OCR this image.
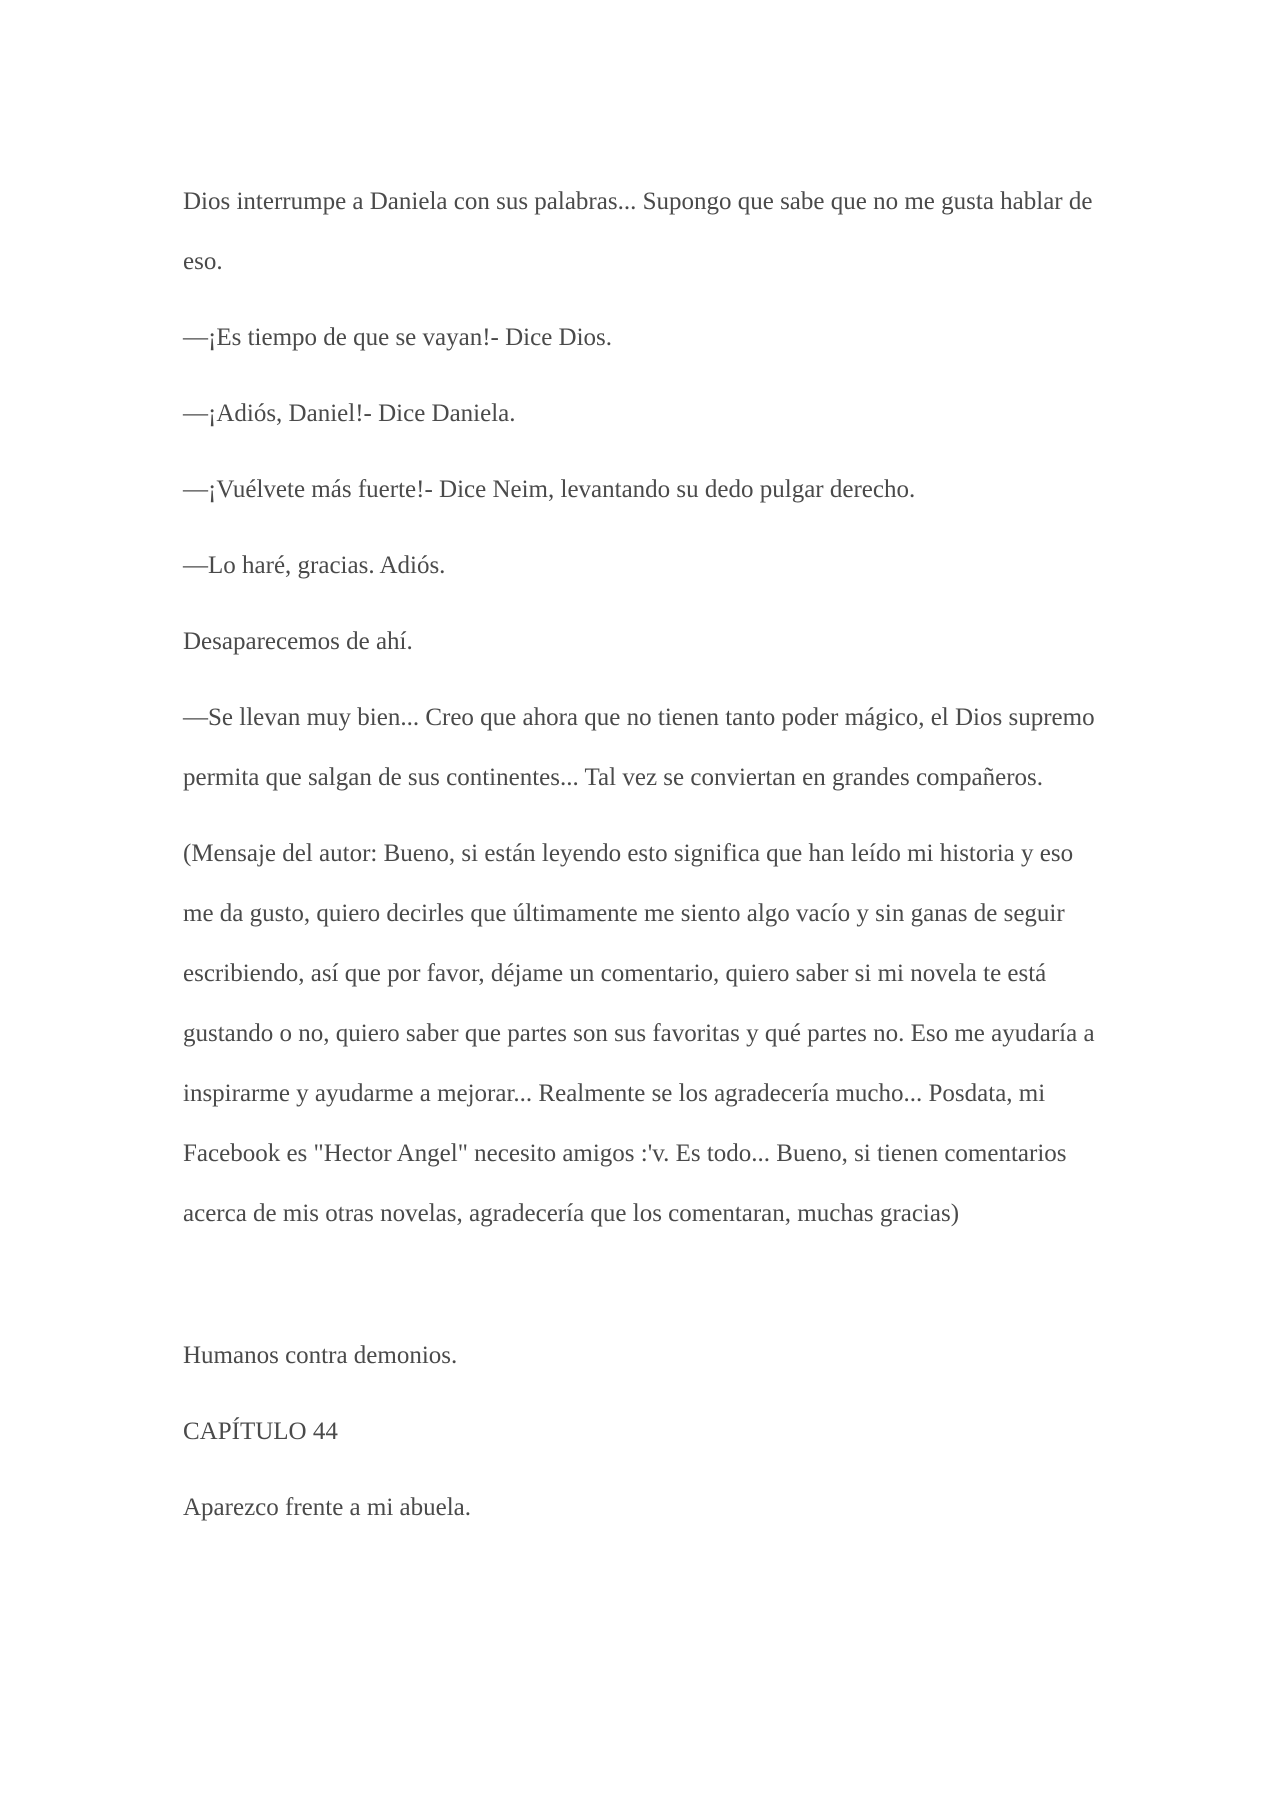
Dios interrumpe a Daniela con sus palabras... Supongo que sabe que no me gusta hablar de eso.

—¡Es tiempo de que se vayan!- Dice Dios.

—¡Adiós, Daniel!- Dice Daniela.

—¡Vuélvete más fuerte!- Dice Neim, levantando su dedo pulgar derecho.

—Lo haré, gracias. Adiós.

Desaparecemos de ahí.

—Se llevan muy bien... Creo que ahora que no tienen tanto poder mágico, el Dios supremo permita que salgan de sus continentes... Tal vez se conviertan en grandes compañeros.

(Mensaje del autor: Bueno, si están leyendo esto significa que han leído mi historia y eso me da gusto, quiero decirles que últimamente me siento algo vacío y sin ganas de seguir escribiendo, así que por favor, déjame un comentario, quiero saber si mi novela te está gustando o no, quiero saber que partes son sus favoritas y qué partes no. Eso me ayudaría a inspirarme y ayudarme a mejorar... Realmente se los agradecería mucho... Posdata, mi Facebook es "Hector Angel" necesito amigos :'v. Es todo... Bueno, si tienen comentarios acerca de mis otras novelas, agradecería que los comentaran, muchas gracias)

Humanos contra demonios.

CAPÍTULO 44

Aparezco frente a mi abuela.
